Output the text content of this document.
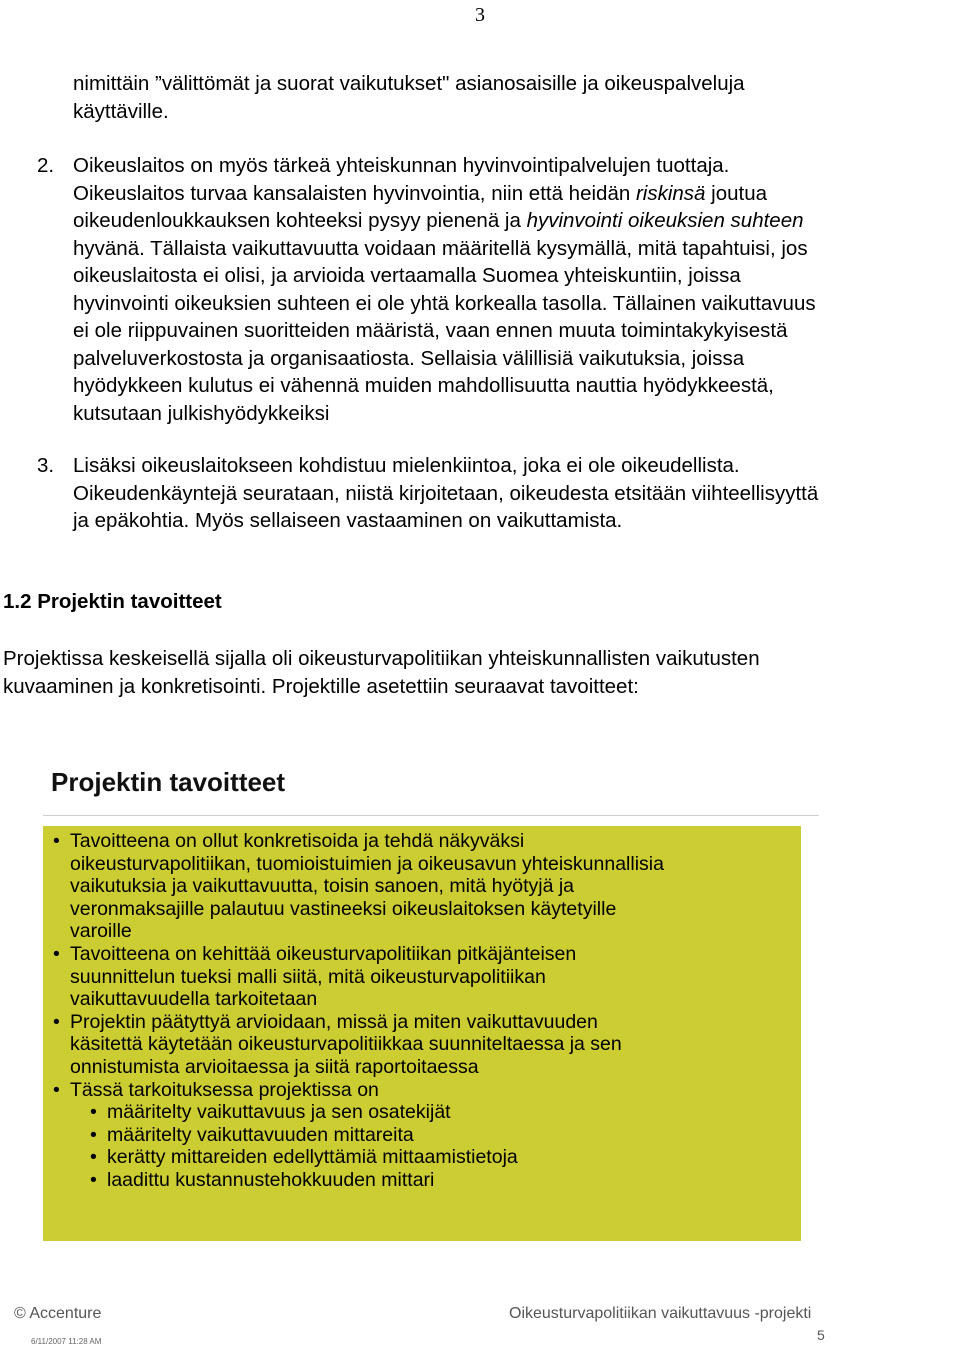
3
nimittäin ”välittömät ja suorat vaikutukset" asianosaisille ja oikeuspalveluja
käyttäville.
2. Oikeuslaitos on myös tärkeä yhteiskunnan hyvinvointipalvelujen tuottaja.
Oikeuslaitos turvaa kansalaisten hyvinvointia, niin että heidän riskinsä joutua
oikeudenloukkauksen kohteeksi pysyy pienenä ja hyvinvointi oikeuksien suhteen
hyvänä. Tällaista vaikuttavuutta voidaan määritellä kysymällä, mitä tapahtuisi, jos
oikeuslaitosta ei olisi, ja arvioida vertaamalla Suomea yhteiskuntiin, joissa
hyvinvointi oikeuksien suhteen ei ole yhtä korkealla tasolla. Tällainen vaikuttavuus
ei ole riippuvainen suoritteiden määristä, vaan ennen muuta toimintakykyisestä
palveluverkostosta ja organisaatiosta. Sellaisia välillisiä vaikutuksia, joissa
hyödykkeen kulutus ei vähennä muiden mahdollisuutta nauttia hyödykkeestä,
kutsutaan julkishyödykkeiksi
3. Lisäksi oikeuslaitokseen kohdistuu mielenkiintoa, joka ei ole oikeudellista.
Oikeudenkäyntejä seurataan, niistä kirjoitetaan, oikeudesta etsitään viihteellisyyttä
ja epäkohtia. Myös sellaiseen vastaaminen on vaikuttamista.
1.2 Projektin tavoitteet
Projektissa keskeisellä sijalla oli oikeusturvapolitiikan yhteiskunnallisten vaikutusten
kuvaaminen ja konkretisointi. Projektille asetettiin seuraavat tavoitteet:
Projektin tavoitteet
• Tavoitteena on ollut konkretisoida ja tehdä näkyväksi
oikeusturvapolitiikan, tuomioistuimien ja oikeusavun yhteiskunnallisia
vaikutuksia ja vaikuttavuutta, toisin sanoen, mitä hyötyjä ja
veronmaksajille palautuu vastineeksi oikeuslaitoksen käytetyille
varoille
• Tavoitteena on kehittää oikeusturvapolitiikan pitkäjänteisen
suunnittelun tueksi malli siitä, mitä oikeusturvapolitiikan
vaikuttavuudella tarkoitetaan
• Projektin päätyttyä arvioidaan, missä ja miten vaikuttavuuden
käsitettä käytetään oikeusturvapolitiikkaa suunniteltaessa ja sen
onnistumista arvioitaessa ja siitä raportoitaessa
• Tässä tarkoituksessa projektissa on
• määritelty vaikuttavuus ja sen osatekijät
• määritelty vaikuttavuuden mittareita
• kerätty mittareiden edellyttämiä mittaamistietoja
• laadittu kustannustehokkuuden mittari
© Accenture	Oikeusturvapolitiikan vaikuttavuus -projekti
6/11/2007 11:28 AM	5
